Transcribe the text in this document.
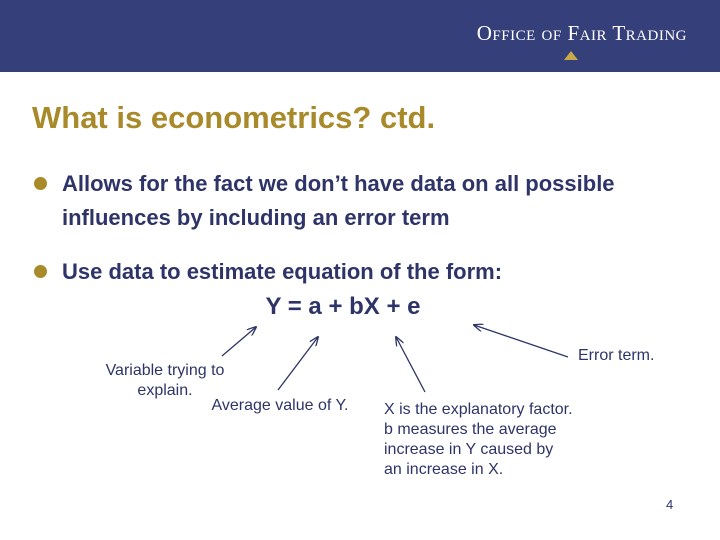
Office of Fair Trading
What is econometrics? ctd.
Allows for the fact we don’t have data on all possible influences by including an error term
Use data to estimate equation of the form:
Y = a + bX + e
Variable trying to explain.
Average value of Y. X is the explanatory factor. b measures the average increase in Y caused by an increase in X.
Error term.
4
